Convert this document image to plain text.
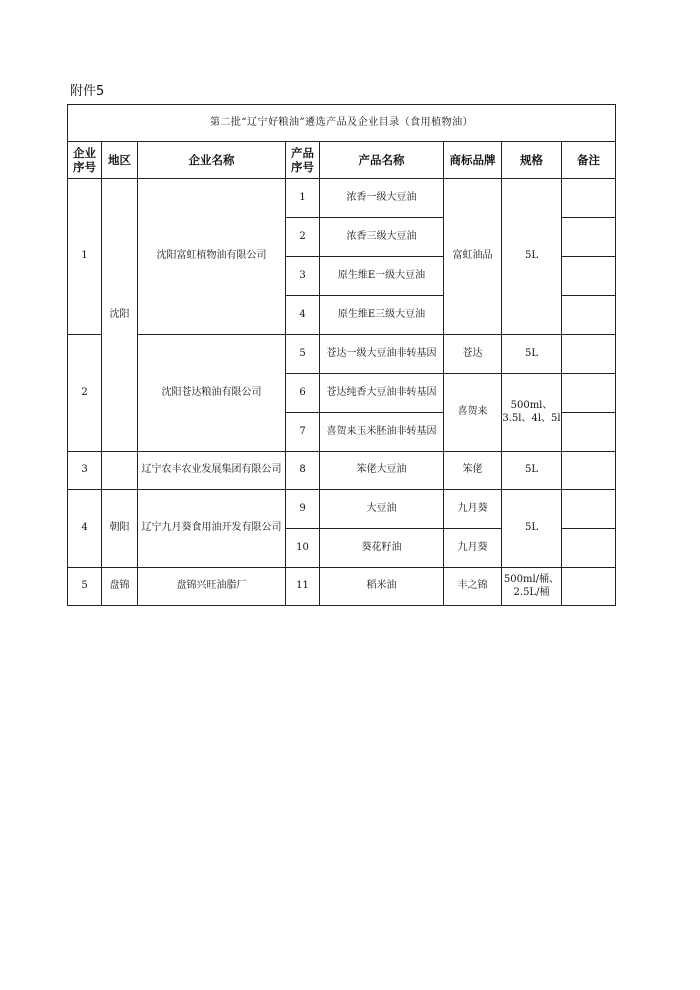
附件5
第二批“辽宁好粮油”遴选产品及企业目录（食用植物油）							
企业序号	地区	企业名称	产品序号	产品名称	商标品牌	规格	备注
1	沈阳	沈阳富虹植物油有限公司	1	浓香一级大豆油	富虹油品	5L	
			2	浓香三级大豆油			
			3	原生维E一级大豆油			
			4	原生维E三级大豆油			
2		沈阳苍达粮油有限公司	5	苍达一级大豆油非转基因	苍达	5L	
			6	苍达纯香大豆油非转基因	喜贺来	500ml、3.5l、4l、5l	
			7	喜贺来玉米胚油非转基因			
3		辽宁农丰农业发展集团有限公司	8	笨佬大豆油	笨佬	5L	
4	朝阳	辽宁九月葵食用油开发有限公司	9	大豆油	九月葵	5L	
			10	葵花籽油	九月葵		
5	盘锦	盘锦兴旺油脂厂	11	稻米油	丰之锦	500ml/桶、2.5L/桶	
